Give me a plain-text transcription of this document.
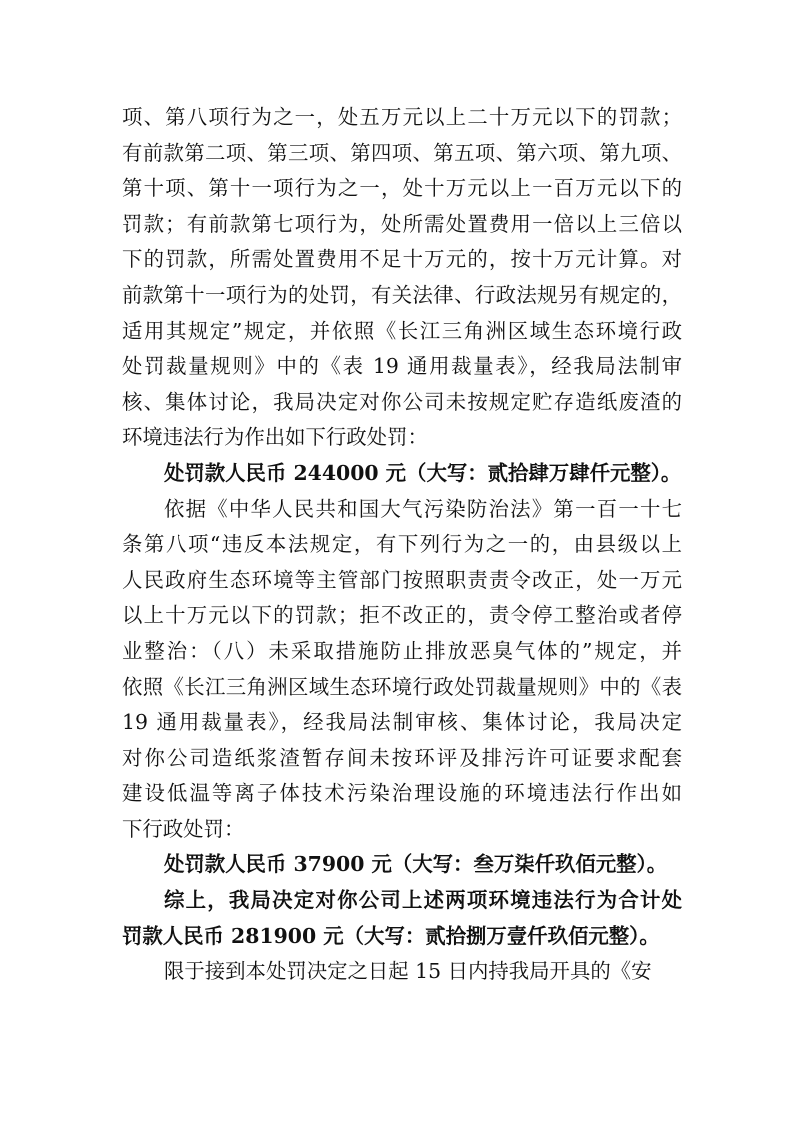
项、第八项行为之一，处五万元以上二十万元以下的罚款；
有前款第二项、第三项、第四项、第五项、第六项、第九项、
第十项、第十一项行为之一，处十万元以上一百万元以下的
罚款；有前款第七项行为，处所需处置费用一倍以上三倍以
下的罚款，所需处置费用不足十万元的，按十万元计算。对
前款第十一项行为的处罚，有关法律、行政法规另有规定的，
适用其规定”规定，并依照《长江三角洲区域生态环境行政
处罚裁量规则》中的《表 19 通用裁量表》，经我局法制审
核、集体讨论，我局决定对你公司未按规定贮存造纸废渣的
环境违法行为作出如下行政处罚：
处罚款人民币 244000 元（大写：贰拾肆万肆仟元整）。
依据《中华人民共和国大气污染防治法》第一百一十七
条第八项“违反本法规定，有下列行为之一的，由县级以上
人民政府生态环境等主管部门按照职责责令改正，处一万元
以上十万元以下的罚款；拒不改正的，责令停工整治或者停
业整治：（八）未采取措施防止排放恶臭气体的”规定，并
依照《长江三角洲区域生态环境行政处罚裁量规则》中的《表
19 通用裁量表》，经我局法制审核、集体讨论，我局决定
对你公司造纸浆渣暂存间未按环评及排污许可证要求配套
建设低温等离子体技术污染治理设施的环境违法行作出如
下行政处罚：
处罚款人民币 37900 元（大写：叁万柒仟玖佰元整）。
综上，我局决定对你公司上述两项环境违法行为合计处
罚款人民币 281900 元（大写：贰拾捌万壹仟玖佰元整）。
限于接到本处罚决定之日起 15 日内持我局开具的《安
